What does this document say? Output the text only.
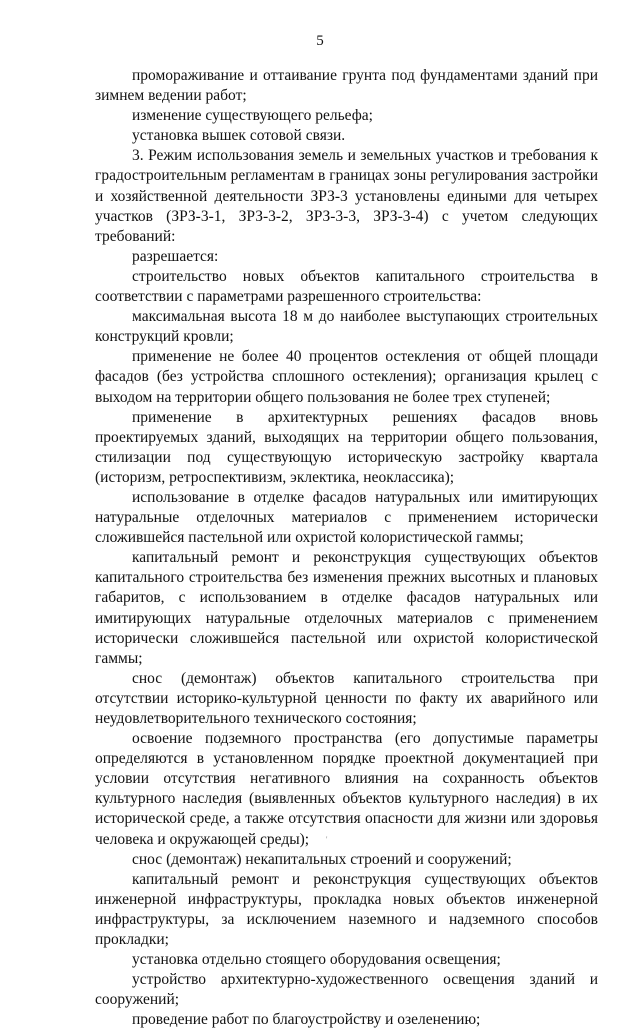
5

промораживание и оттаивание грунта под фундаментами зданий при зимнем ведении работ;

изменение существующего рельефа;

установка вышек сотовой связи.

3. Режим использования земель и земельных участков и требования к градостроительным регламентам в границах зоны регулирования застройки и хозяйственной деятельности ЗРЗ-3 установлены едиными для четырех участков (ЗРЗ-3-1, ЗРЗ-3-2, ЗРЗ-3-3, ЗРЗ-3-4) с учетом следующих требований:

разрешается:

строительство новых объектов капитального строительства в соответствии с параметрами разрешенного строительства:

максимальная высота 18 м до наиболее выступающих строительных конструкций кровли;

применение не более 40 процентов остекления от общей площади фасадов (без устройства сплошного остекления); организация крылец с выходом на территории общего пользования не более трех ступеней;

применение в архитектурных решениях фасадов вновь проектируемых зданий, выходящих на территории общего пользования, стилизации под существующую историческую застройку квартала (историзм, ретроспективизм, эклектика, неоклассика);

использование в отделке фасадов натуральных или имитирующих натуральные отделочных материалов с применением исторически сложившейся пастельной или охристой колористической гаммы;

капитальный ремонт и реконструкция существующих объектов капитального строительства без изменения прежних высотных и плановых габаритов, с использованием в отделке фасадов натуральных или имитирующих натуральные отделочных материалов с применением исторически сложившейся пастельной или охристой колористической гаммы;

снос (демонтаж) объектов капитального строительства при отсутствии историко-культурной ценности по факту их аварийного или неудовлетворительного технического состояния;

освоение подземного пространства (его допустимые параметры определяются в установленном порядке проектной документацией при условии отсутствия негативного влияния на сохранность объектов культурного наследия (выявленных объектов культурного наследия) в их исторической среде, а также отсутствия опасности для жизни или здоровья человека и окружающей среды);

снос (демонтаж) некапитальных строений и сооружений;

капитальный ремонт и реконструкция существующих объектов инженерной инфраструктуры, прокладка новых объектов инженерной инфраструктуры, за исключением наземного и надземного способов прокладки;

установка отдельно стоящего оборудования освещения;

устройство архитектурно-художественного освещения зданий и сооружений;

проведение работ по благоустройству и озеленению;

'
